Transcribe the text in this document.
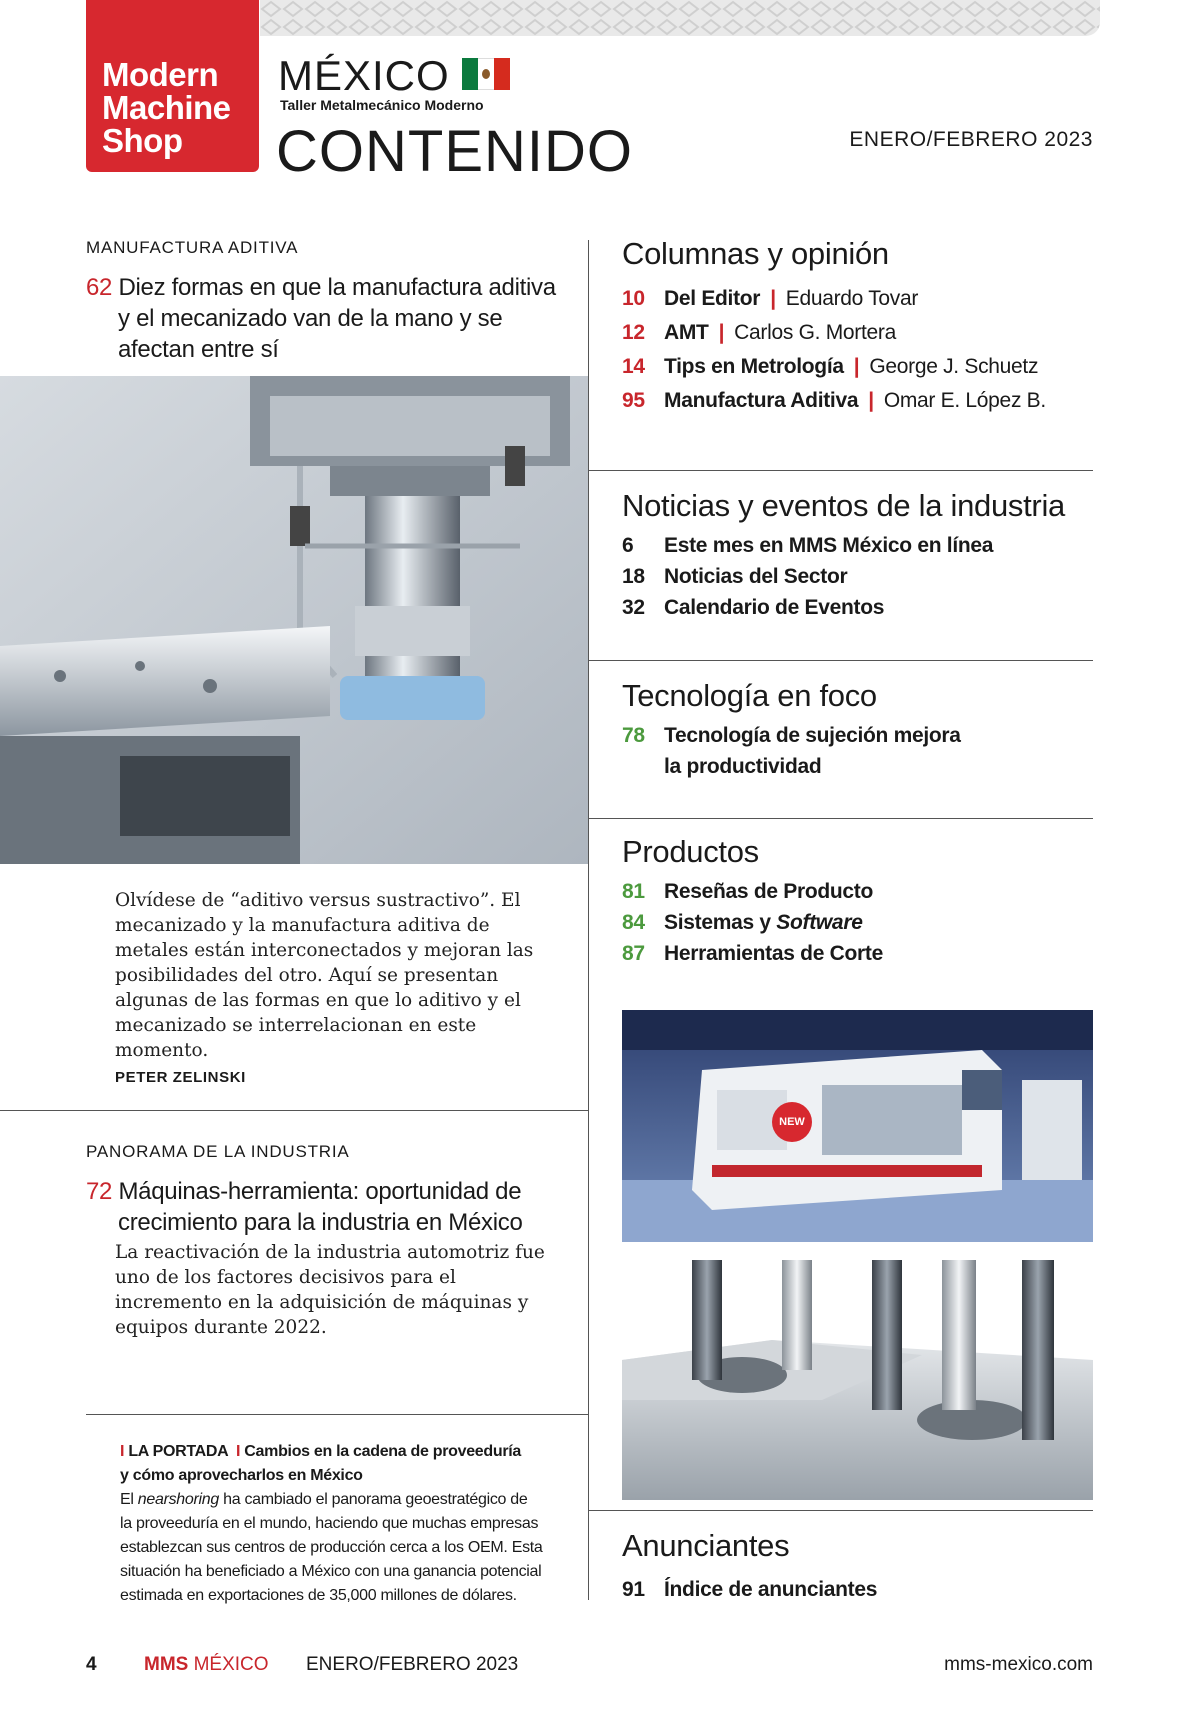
Modern
Machine
Shop
MÉXICO
Taller Metalmecánico Moderno
CONTENIDO	ENERO/FEBRERO 2023
MANUFACTURA ADITIVA
62 Diez formas en que la manufactura aditiva
y el mecanizado van de la mano y se
afectan entre sí
Olvídese de “aditivo versus sustractivo”. El
mecanizado y la manufactura aditiva de
metales están interconectados y mejoran las
posibilidades del otro. Aquí se presentan
algunas de las formas en que lo aditivo y el
mecanizado se interrelacionan en este
momento.
PETER ZELINSKI
PANORAMA DE LA INDUSTRIA
72 Máquinas-herramienta: oportunidad de
crecimiento para la industria en México
La reactivación de la industria automotriz fue
uno de los factores decisivos para el
incremento en la adquisición de máquinas y
equipos durante 2022.
I LA PORTADA I Cambios en la cadena de proveeduría
y cómo aprovecharlos en México
El nearshoring ha cambiado el panorama geoestratégico de
la proveeduría en el mundo, haciendo que muchas empresas
establezcan sus centros de producción cerca a los OEM. Esta
situación ha beneficiado a México con una ganancia potencial
estimada en exportaciones de 35,000 millones de dólares.
Columnas y opinión
10 Del Editor | Eduardo Tovar
12 AMT | Carlos G. Mortera
14 Tips en Metrología | George J. Schuetz
95 Manufactura Aditiva | Omar E. López B.
Noticias y eventos de la industria
6 Este mes en MMS México en línea
18 Noticias del Sector
32 Calendario de Eventos
Tecnología en foco
78 Tecnología de sujeción mejora
la productividad
Productos
81 Reseñas de Producto
84 Sistemas y Software
87 Herramientas de Corte
NEW
Anunciantes
91 Índice de anunciantes
4 MMS MÉXICO ENERO/FEBRERO 2023	mms-mexico.com
